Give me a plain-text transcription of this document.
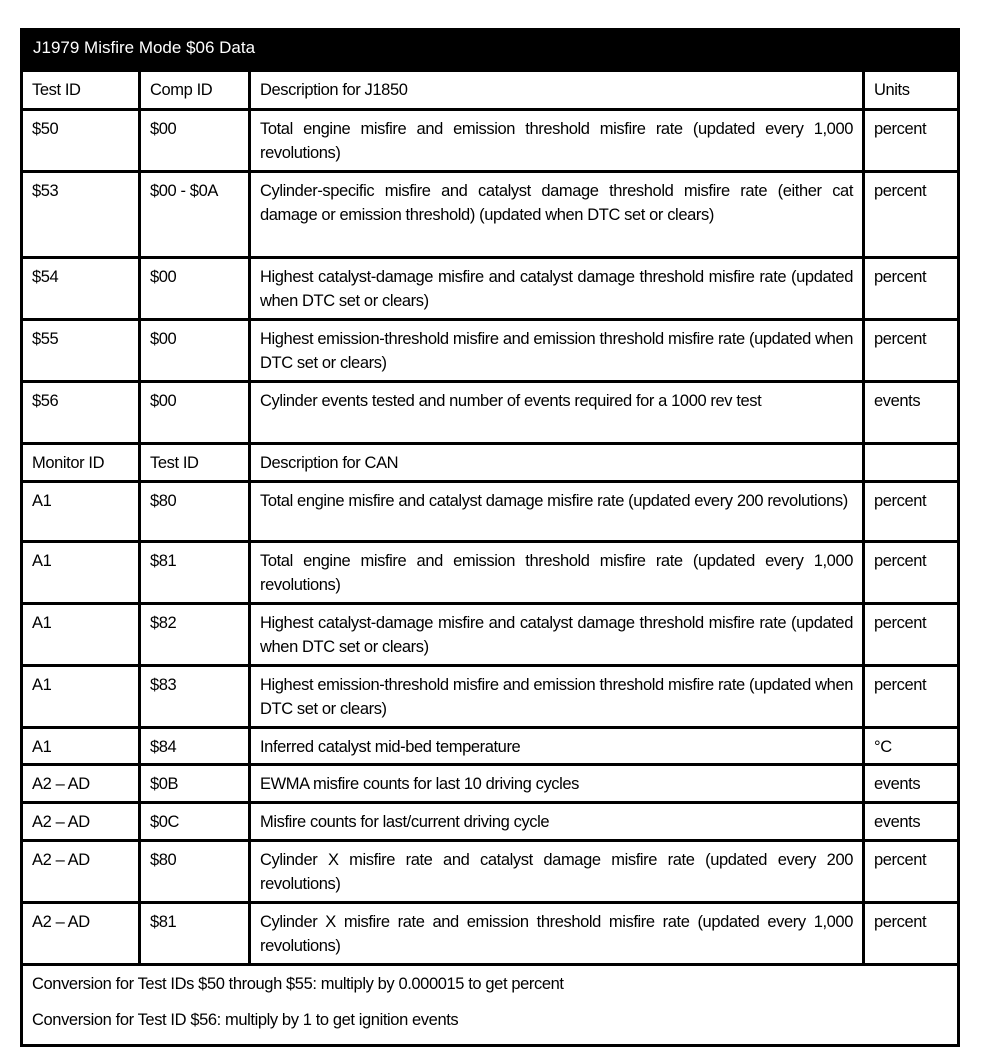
J1979 Misfire Mode $06 Data			
Test ID	Comp ID	Description for J1850	Units
$50	$00	Total engine misfire and emission threshold misfire rate (updated every 1,000 revolutions)	percent
$53	$00 - $0A	Cylinder-specific misfire and catalyst damage threshold misfire rate (either cat damage or emission threshold) (updated when DTC set or clears)	percent
$54	$00	Highest catalyst-damage misfire and catalyst damage threshold misfire rate (updated when DTC set or clears)	percent
$55	$00	Highest emission-threshold misfire and emission threshold misfire rate (updated when DTC set or clears)	percent
$56	$00	Cylinder events tested and number of events required for a 1000 rev test	events
Monitor ID	Test ID	Description for CAN	
A1	$80	Total engine misfire and catalyst damage misfire rate (updated every 200 revolutions)	percent
A1	$81	Total engine misfire and emission threshold misfire rate (updated every 1,000 revolutions)	percent
A1	$82	Highest catalyst-damage misfire and catalyst damage threshold misfire rate (updated when DTC set or clears)	percent
A1	$83	Highest emission-threshold misfire and emission threshold misfire rate (updated when DTC set or clears)	percent
A1	$84	Inferred catalyst mid-bed temperature	°C
A2 – AD	$0B	EWMA misfire counts for last 10 driving cycles	events
A2 – AD	$0C	Misfire counts for last/current driving cycle	events
A2 – AD	$80	Cylinder X misfire rate and catalyst damage misfire rate (updated every 200 revolutions)	percent
A2 – AD	$81	Cylinder X misfire rate and emission threshold misfire rate (updated every 1,000 revolutions)	percent

Conversion for Test IDs $50 through $55: multiply by 0.000015 to get percent

Conversion for Test ID $56: multiply by 1 to get ignition events			
